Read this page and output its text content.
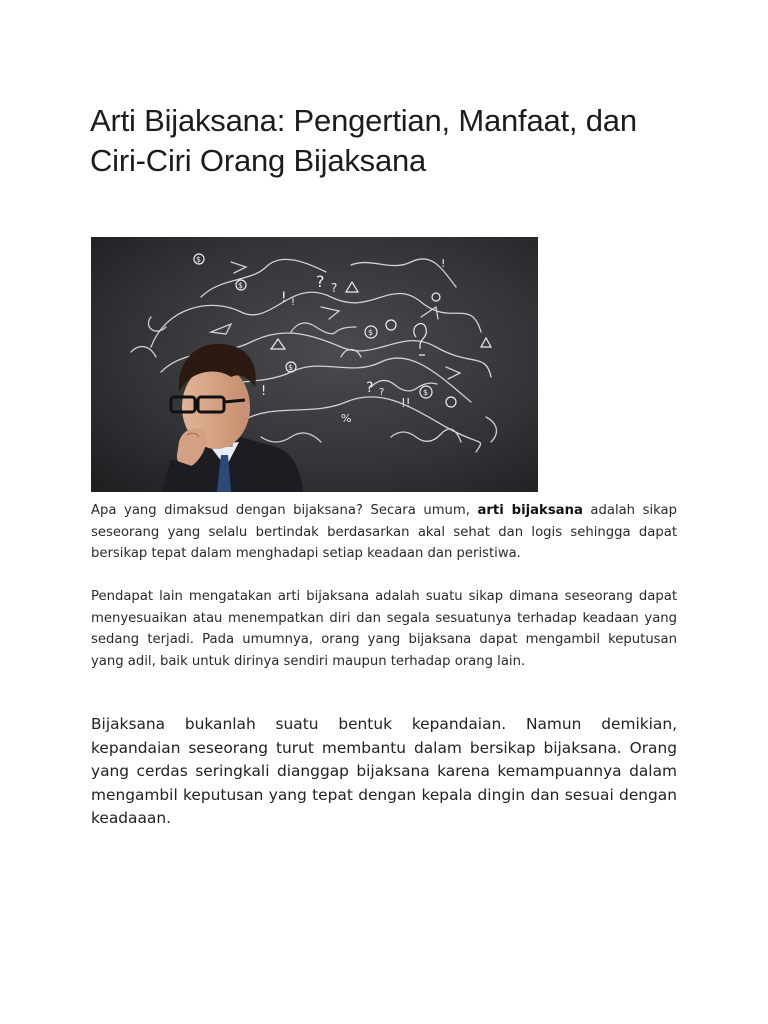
Arti Bijaksana: Pengertian, Manfaat, dan Ciri-Ciri Orang Bijaksana
$
$
$
$
$
? ?
! !
? ?
!
!!
%
!

Apa yang dimaksud dengan bijaksana? Secara umum, arti bijaksana adalah sikap seseorang yang selalu bertindak berdasarkan akal sehat dan logis sehingga dapat bersikap tepat dalam menghadapi setiap keadaan dan peristiwa.

Pendapat lain mengatakan arti bijaksana adalah suatu sikap dimana seseorang dapat menyesuaikan atau menempatkan diri dan segala sesuatunya terhadap keadaan yang sedang terjadi. Pada umumnya, orang yang bijaksana dapat mengambil keputusan yang adil, baik untuk dirinya sendiri maupun terhadap orang lain.

Bijaksana bukanlah suatu bentuk kepandaian. Namun demikian, kepandaian seseorang turut membantu dalam bersikap bijaksana. Orang yang cerdas seringkali dianggap bijaksana karena kemampuannya dalam mengambil keputusan yang tepat dengan kepala dingin dan sesuai dengan keadaaan.
